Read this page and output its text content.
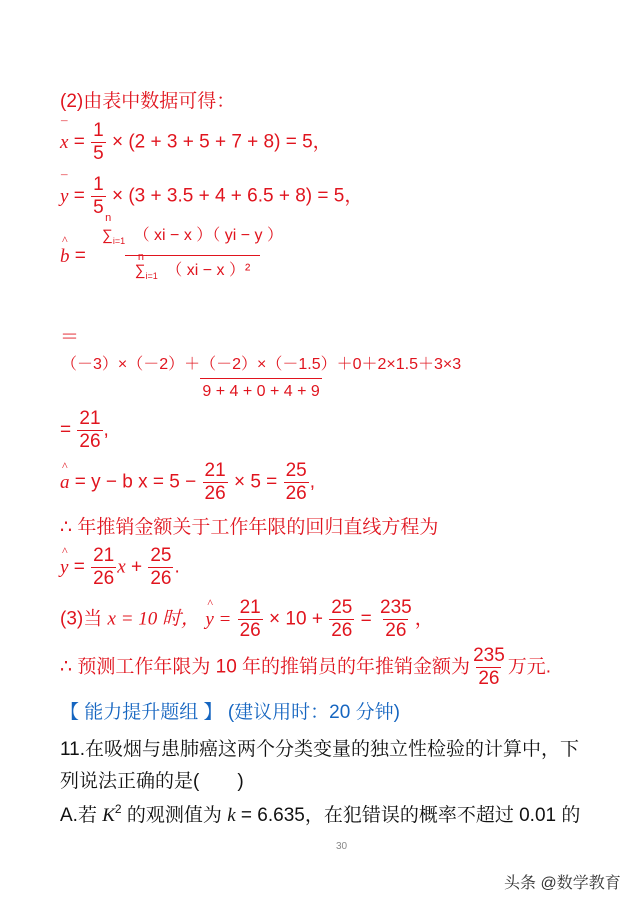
(2)由表中数据可得：
¯ $x = \frac{1}{5} \times (2 + 3 + 5 + 7 + 8) = 5$，
¯ $y = \frac{1}{5} \times (3 + 3.5 + 4 + 6.5 + 8) = 5$，
^ b = n
$\sum_{i=1}$ （ xi − x ）（ yi − y ）
n
$\sum_{i=1}$ （ xi − x ）²
＝
$\frac{(-3)\times(-2)+(-2)\times(-1.5)+0+2\times 1.5+3\times 3}{9 + 4 + 0 + 4 + 9}$
= $\frac{21}{26}$ ,
^ a = y − b $x = 5 - \frac{21}{26} \times 5 = \frac{25}{26}$ ,
∴ 年推销金额关于工作年限的回归直线方程为
^ $y = \frac{21}{26}$ $x + \frac{25}{26}$ .
(3)当 x = 10 时， ^ $y = \frac{21}{26} \times 10 + \frac{25}{26} = \frac{235}{26}$ ，
∴ 预测工作年限为 10 年的推销员的年推销金额为 $\frac{235}{26}$ 万元.
【 能力提升题组 】 (建议用时：20 分钟)
11.在吸烟与患肺癌这两个分类变量的独立性检验的计算中，下
列说法正确的是(　　)
A.若 $K^2$ 的观测值为 k = 6.635，在犯错误的概率不超过 0.01 的
30
头条 @数学教育
